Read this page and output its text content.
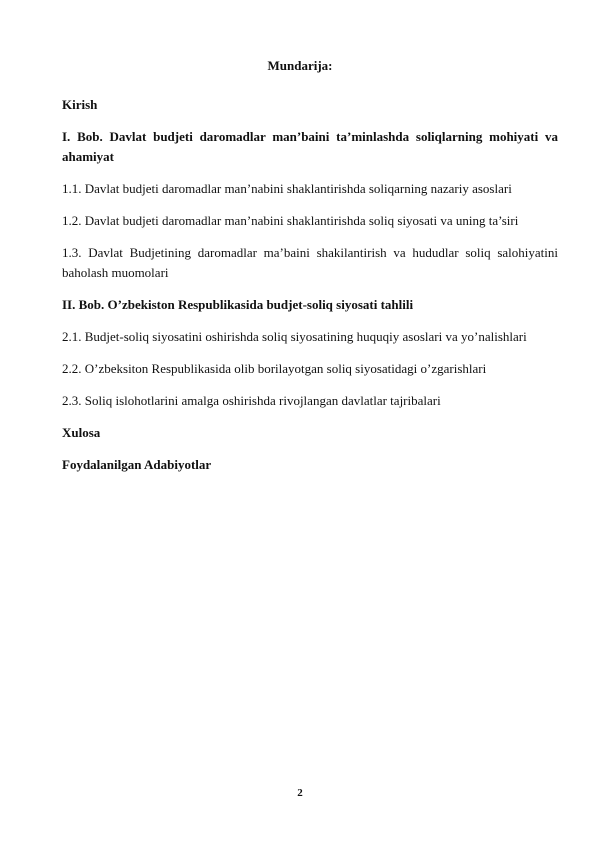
Mundarija:

Kirish

I. Bob. Davlat budjeti daromadlar man’baini ta’minlashda soliqlarning mohiyati va ahamiyat

1.1. Davlat budjeti daromadlar man’nabini shaklantirishda soliqarning nazariy asoslari

1.2. Davlat budjeti daromadlar man’nabini shaklantirishda soliq siyosati va uning ta’siri

1.3. Davlat Budjetining daromadlar ma’baini shakilantirish va hududlar soliq salohiyatini baholash muomolari

II. Bob. O’zbekiston Respublikasida budjet-soliq siyosati tahlili

2.1. Budjet-soliq siyosatini oshirishda soliq siyosatining huquqiy asoslari va yo’nalishlari

2.2. O’zbeksiton Respublikasida olib borilayotgan soliq siyosatidagi o’zgarishlari

2.3. Soliq islohotlarini amalga oshirishda rivojlangan davlatlar tajribalari

Xulosa

Foydalanilgan Adabiyotlar

2
